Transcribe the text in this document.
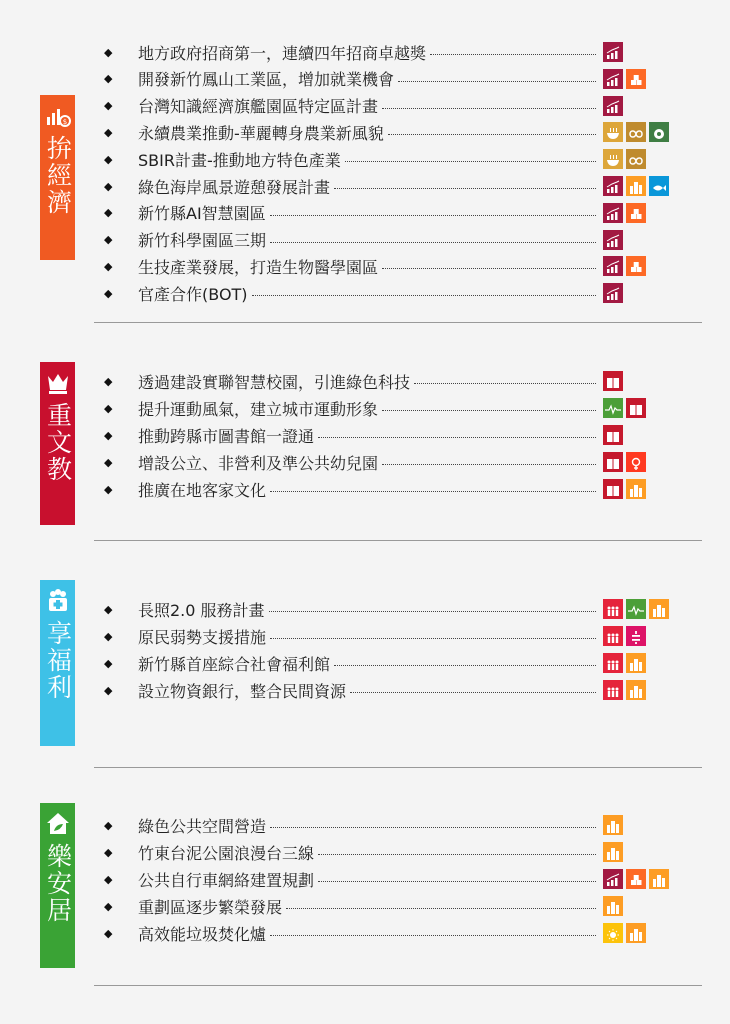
$
拚經濟
◆ 地方政府招商第一，連續四年招商卓越獎
◆ 開發新竹鳳山工業區，增加就業機會
◆ 台灣知識經濟旗艦園區特定區計畫
◆ 永續農業推動-華麗轉身農業新風貌
◆ SBIR計畫-推動地方特色產業
◆ 綠色海岸風景遊憩發展計畫
◆ 新竹縣AI智慧園區
◆ 新竹科學園區三期
◆ 生技產業發展，打造生物醫學園區
◆ 官產合作(BOT)
重文教
◆ 透過建設實聯智慧校園，引進綠色科技
◆ 提升運動風氣，建立城市運動形象
◆ 推動跨縣市圖書館一證通
◆ 增設公立、非營利及準公共幼兒園
◆ 推廣在地客家文化
享福利
◆ 長照2.0 服務計畫
◆ 原民弱勢支援措施
◆ 新竹縣首座綜合社會福利館
◆ 設立物資銀行，整合民間資源
樂安居
◆ 綠色公共空間營造
◆ 竹東台泥公園浪漫台三線
◆ 公共自行車網絡建置規劃
◆ 重劃區逐步繁榮發展
◆ 高效能垃圾焚化爐
